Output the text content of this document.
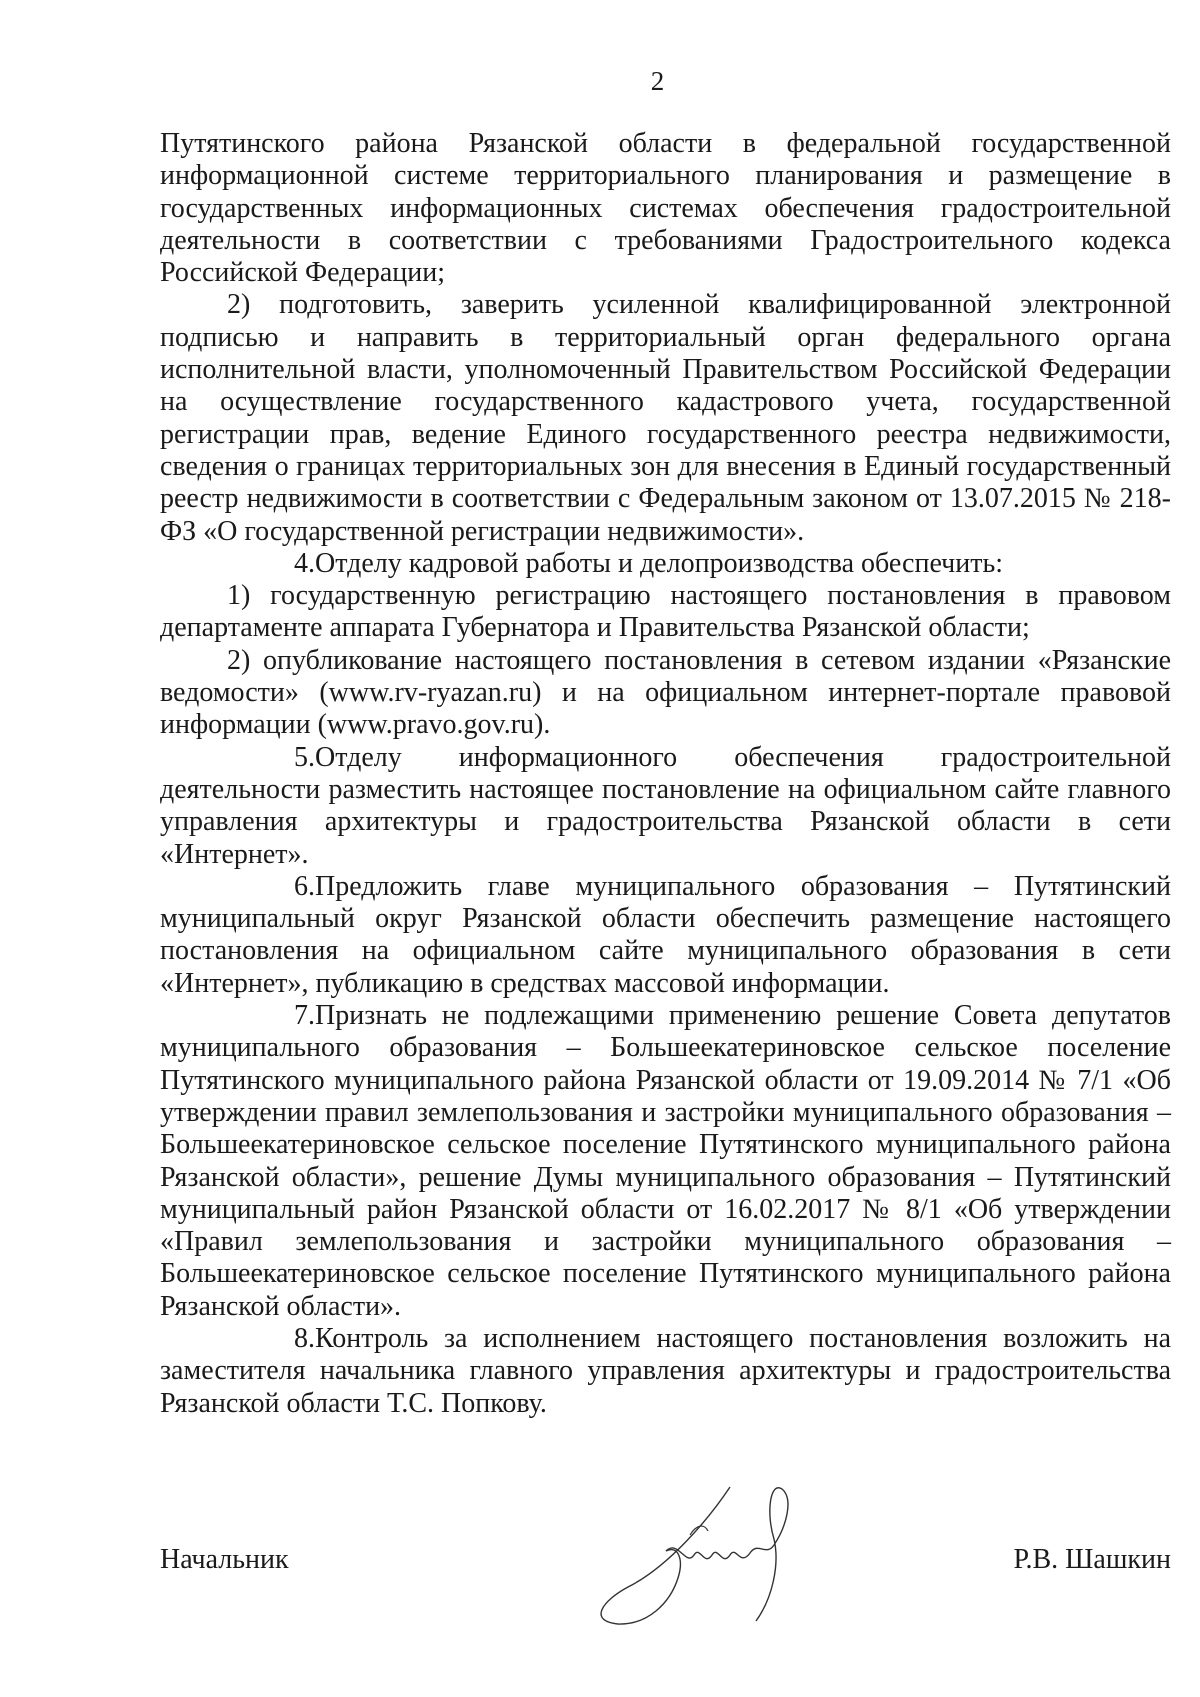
2

Путятинского района Рязанской области в федеральной государственной информационной системе территориального планирования и размещение в государственных информационных системах обеспечения градостроительной деятельности в соответствии с требованиями Градостроительного кодекса Российской Федерации;

2) подготовить, заверить усиленной квалифицированной электронной подписью и направить в территориальный орган федерального органа исполнительной власти, уполномоченный Правительством Российской Федерации на осуществление государственного кадастрового учета, государственной регистрации прав, ведение Единого государственного реестра недвижимости, сведения о границах территориальных зон для внесения в Единый государственный реестр недвижимости в соответствии с Федеральным законом от 13.07.2015 № 218-ФЗ «О государственной регистрации недвижимости».

4.Отделу кадровой работы и делопроизводства обеспечить:

1) государственную регистрацию настоящего постановления в правовом департаменте аппарата Губернатора и Правительства Рязанской области;

2) опубликование настоящего постановления в сетевом издании «Рязанские ведомости» (www.rv-ryazan.ru) и на официальном интернет-портале правовой информации (www.pravo.gov.ru).

5.Отделу информационного обеспечения градостроительной деятельности разместить настоящее постановление на официальном сайте главного управления архитектуры и градостроительства Рязанской области в сети «Интернет».

6.Предложить главе муниципального образования – Путятинский муниципальный округ Рязанской области обеспечить размещение настоящего постановления на официальном сайте муниципального образования в сети «Интернет», публикацию в средствах массовой информации.

7.Признать не подлежащими применению решение Совета депутатов муниципального образования – Большеекатериновское сельское поселение Путятинского муниципального района Рязанской области от 19.09.2014 № 7/1 «Об утверждении правил землепользования и застройки муниципального образования – Большеекатериновское сельское поселение Путятинского муниципального района Рязанской области», решение Думы муниципального образования – Путятинский муниципальный район Рязанской области от 16.02.2017 № 8/1 «Об утверждении «Правил землепользования и застройки муниципального образования – Большеекатериновское сельское поселение Путятинского муниципального района Рязанской области».

8.Контроль за исполнением настоящего постановления возложить на заместителя начальника главного управления архитектуры и градостроительства Рязанской области Т.С. Попкову.

Начальник	Р.В. Шашкин
